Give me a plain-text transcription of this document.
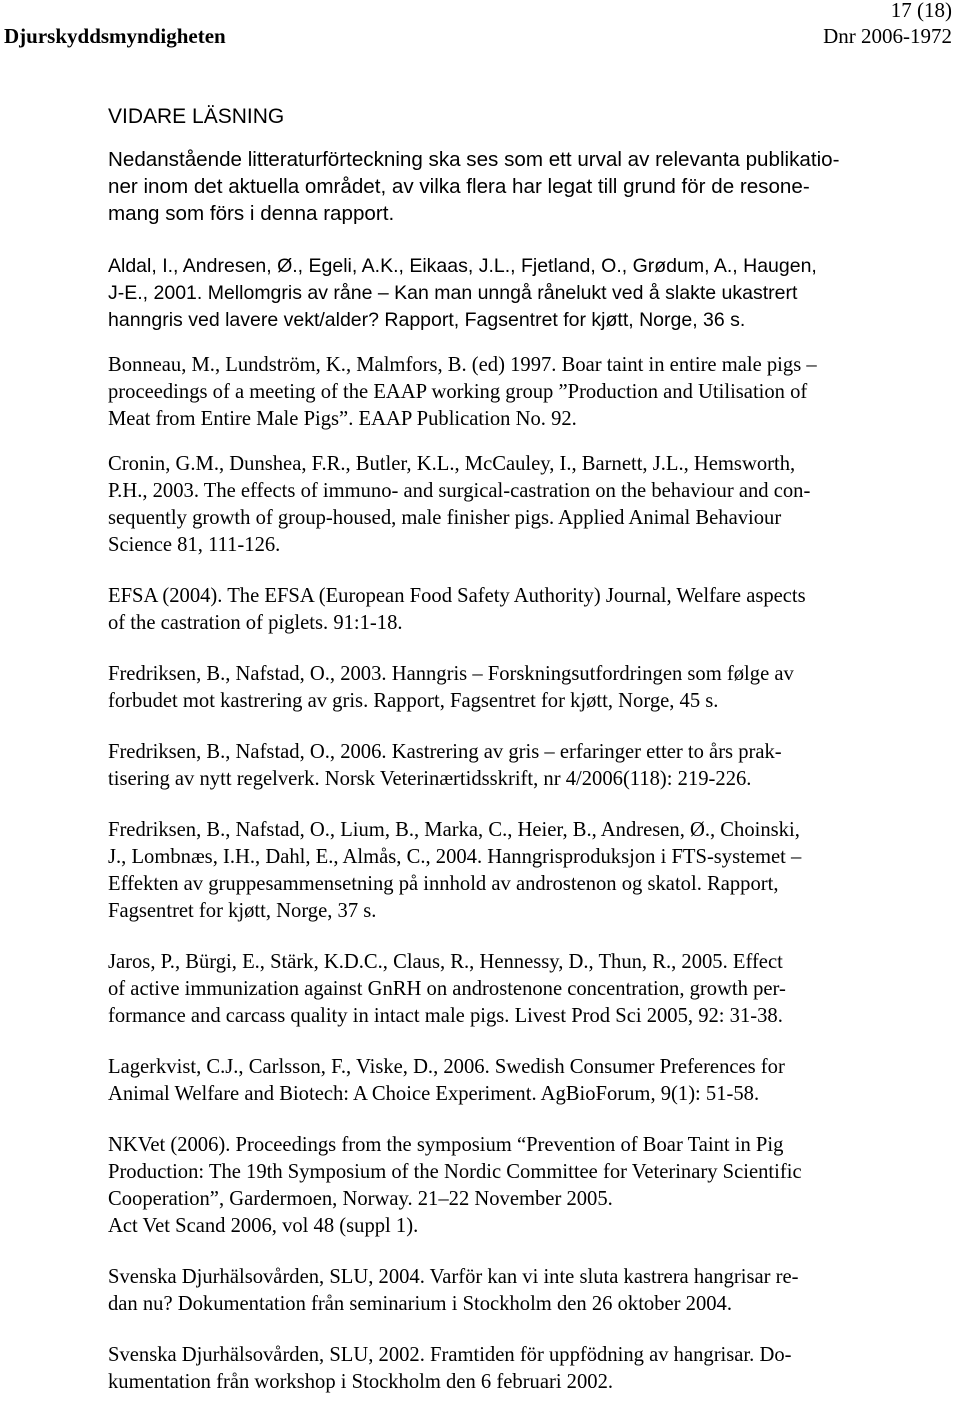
17 (18)
Djurskyddsmyndigheten	Dnr 2006-1972
VIDARE LÄSNING
Nedanstående litteraturförteckning ska ses som ett urval av relevanta publikatio-
ner inom det aktuella området, av vilka flera har legat till grund för de resone-
mang som förs i denna rapport.
Aldal, I., Andresen, Ø., Egeli, A.K., Eikaas, J.L., Fjetland, O., Grødum, A., Haugen,
J-E., 2001. Mellomgris av råne – Kan man unngå rånelukt ved å slakte ukastrert
hanngris ved lavere vekt/alder? Rapport, Fagsentret for kjøtt, Norge, 36 s.
Bonneau, M., Lundström, K., Malmfors, B. (ed) 1997. Boar taint in entire male pigs –
proceedings of a meeting of the EAAP working group ”Production and Utilisation of
Meat from Entire Male Pigs”. EAAP Publication No. 92.
Cronin, G.M., Dunshea, F.R., Butler, K.L., McCauley, I., Barnett, J.L., Hemsworth,
P.H., 2003. The effects of immuno- and surgical-castration on the behaviour and con-
sequently growth of group-housed, male finisher pigs. Applied Animal Behaviour
Science 81, 111-126.
EFSA (2004). The EFSA (European Food Safety Authority) Journal, Welfare aspects
of the castration of piglets. 91:1-18.
Fredriksen, B., Nafstad, O., 2003. Hanngris – Forskningsutfordringen som følge av
forbudet mot kastrering av gris. Rapport, Fagsentret for kjøtt, Norge, 45 s.
Fredriksen, B., Nafstad, O., 2006. Kastrering av gris – erfaringer etter to års prak-
tisering av nytt regelverk. Norsk Veterinærtidsskrift, nr 4/2006(118): 219-226.
Fredriksen, B., Nafstad, O., Lium, B., Marka, C., Heier, B., Andresen, Ø., Choinski,
J., Lombnæs, I.H., Dahl, E., Almås, C., 2004. Hanngrisproduksjon i FTS-systemet –
Effekten av gruppesammensetning på innhold av androstenon og skatol. Rapport,
Fagsentret for kjøtt, Norge, 37 s.
Jaros, P., Bürgi, E., Stärk, K.D.C., Claus, R., Hennessy, D., Thun, R., 2005. Effect
of active immunization against GnRH on androstenone concentration, growth per-
formance and carcass quality in intact male pigs. Livest Prod Sci 2005, 92: 31-38.
Lagerkvist, C.J., Carlsson, F., Viske, D., 2006. Swedish Consumer Preferences for
Animal Welfare and Biotech: A Choice Experiment. AgBioForum, 9(1): 51-58.
NKVet (2006). Proceedings from the symposium “Prevention of Boar Taint in Pig
Production: The 19th Symposium of the Nordic Committee for Veterinary Scientific
Cooperation”, Gardermoen, Norway. 21–22 November 2005.
Act Vet Scand 2006, vol 48 (suppl 1).
Svenska Djurhälsovården, SLU, 2004. Varför kan vi inte sluta kastrera hangrisar re-
dan nu? Dokumentation från seminarium i Stockholm den 26 oktober 2004.
Svenska Djurhälsovården, SLU, 2002. Framtiden för uppfödning av hangrisar. Do-
kumentation från workshop i Stockholm den 6 februari 2002.
